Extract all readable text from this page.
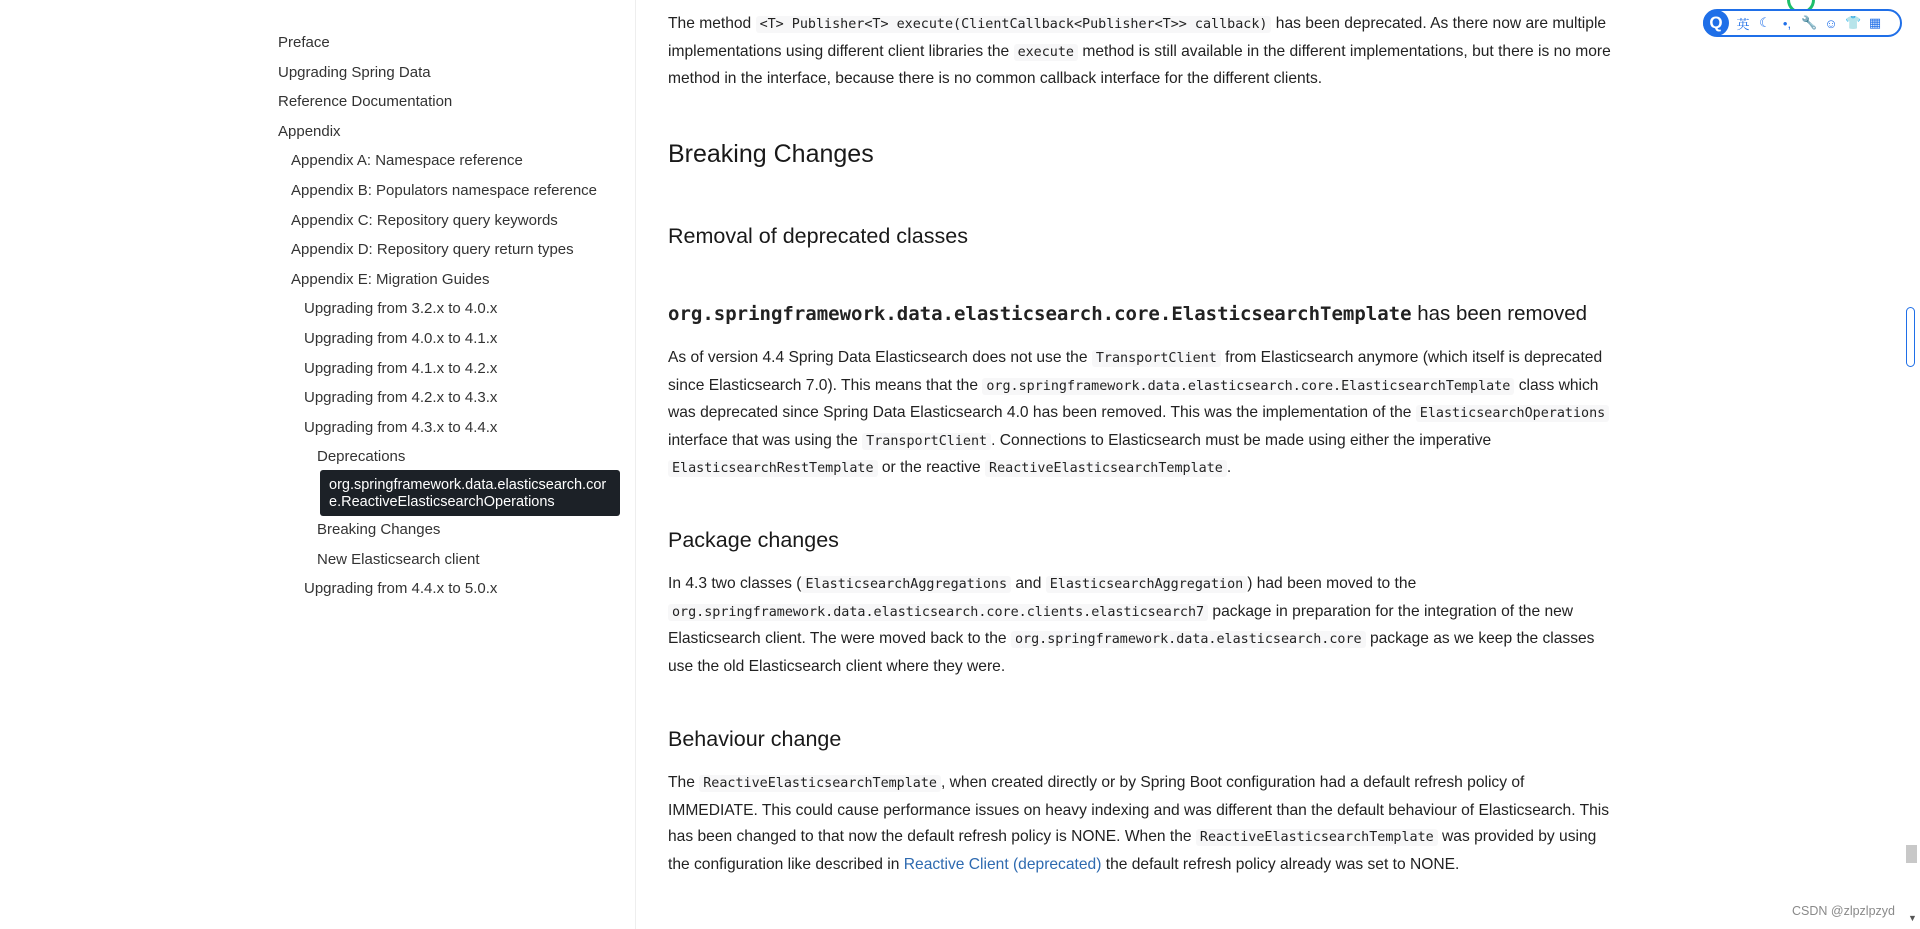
Preface
Upgrading Spring Data
Reference Documentation
Appendix
Appendix A: Namespace reference
Appendix B: Populators namespace reference
Appendix C: Repository query keywords
Appendix D: Repository query return types
Appendix E: Migration Guides
Upgrading from 3.2.x to 4.0.x
Upgrading from 4.0.x to 4.1.x
Upgrading from 4.1.x to 4.2.x
Upgrading from 4.2.x to 4.3.x
Upgrading from 4.3.x to 4.4.x
Deprecations
Breaking Changes
New Elasticsearch client
Upgrading from 4.4.x to 5.0.x
org.springframework.data.elasticsearch.core.ReactiveElasticsearchOperations

The method <T> Publisher<T> execute(ClientCallback<Publisher<T>> callback) has been deprecated. As there now are multiple implementations using different client libraries the execute method is still available in the different implementations, but there is no more method in the interface, because there is no common callback interface for the different clients.

Breaking Changes
Removal of deprecated classes
org.springframework.data.elasticsearch.core.ElasticsearchTemplate has been removed

As of version 4.4 Spring Data Elasticsearch does not use the TransportClient from Elasticsearch anymore (which itself is deprecated since Elasticsearch 7.0). This means that the org.springframework.data.elasticsearch.core.ElasticsearchTemplate class which was deprecated since Spring Data Elasticsearch 4.0 has been removed. This was the implementation of the ElasticsearchOperations interface that was using the TransportClient . Connections to Elasticsearch must be made using either the imperative ElasticsearchRestTemplate or the reactive ReactiveElasticsearchTemplate .

Package changes

In 4.3 two classes ( ElasticsearchAggregations and ElasticsearchAggregation ) had been moved to the org.springframework.data.elasticsearch.core.clients.elasticsearch7 package in preparation for the integration of the new Elasticsearch client. The were moved back to the org.springframework.data.elasticsearch.core package as we keep the classes use the old Elasticsearch client where they were.

Behaviour change

The ReactiveElasticsearchTemplate , when created directly or by Spring Boot configuration had a default refresh policy of IMMEDIATE. This could cause performance issues on heavy indexing and was different than the default behaviour of Elasticsearch. This has been changed to that now the default refresh policy is NONE. When the ReactiveElasticsearchTemplate was provided by using the configuration like described in Reactive Client (deprecated) the default refresh policy already was set to NONE.

Q	英 ☾ •, 🔧 ☺ 👕 ▦
▼
CSDN @zlpzlpzyd
